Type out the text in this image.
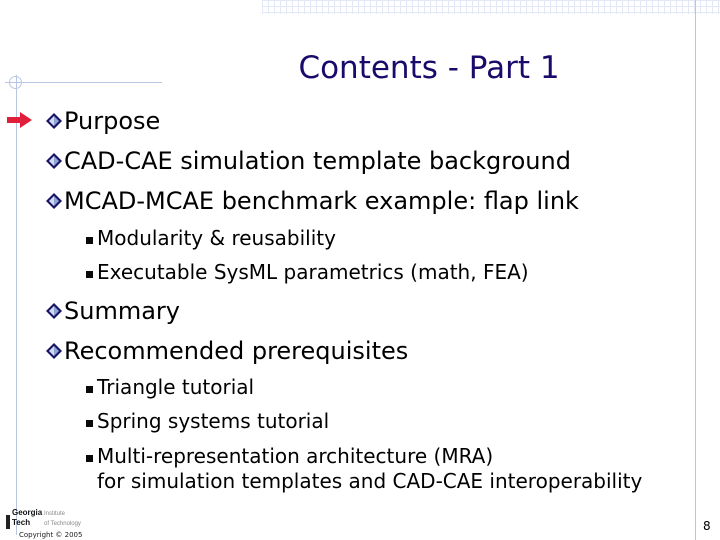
Contents - Part 1
Purpose
CAD-CAE simulation template background
MCAD-MCAE benchmark example: flap link
Modularity & reusability
Executable SysML parametrics (math, FEA)
Summary
Recommended prerequisites
Triangle tutorial
Spring systems tutorial
Multi-representation architecture (MRA)
for simulation templates and CAD-CAE interoperability
Georgia
Tech
Institute
of Technology
Copyright © 2005
8
